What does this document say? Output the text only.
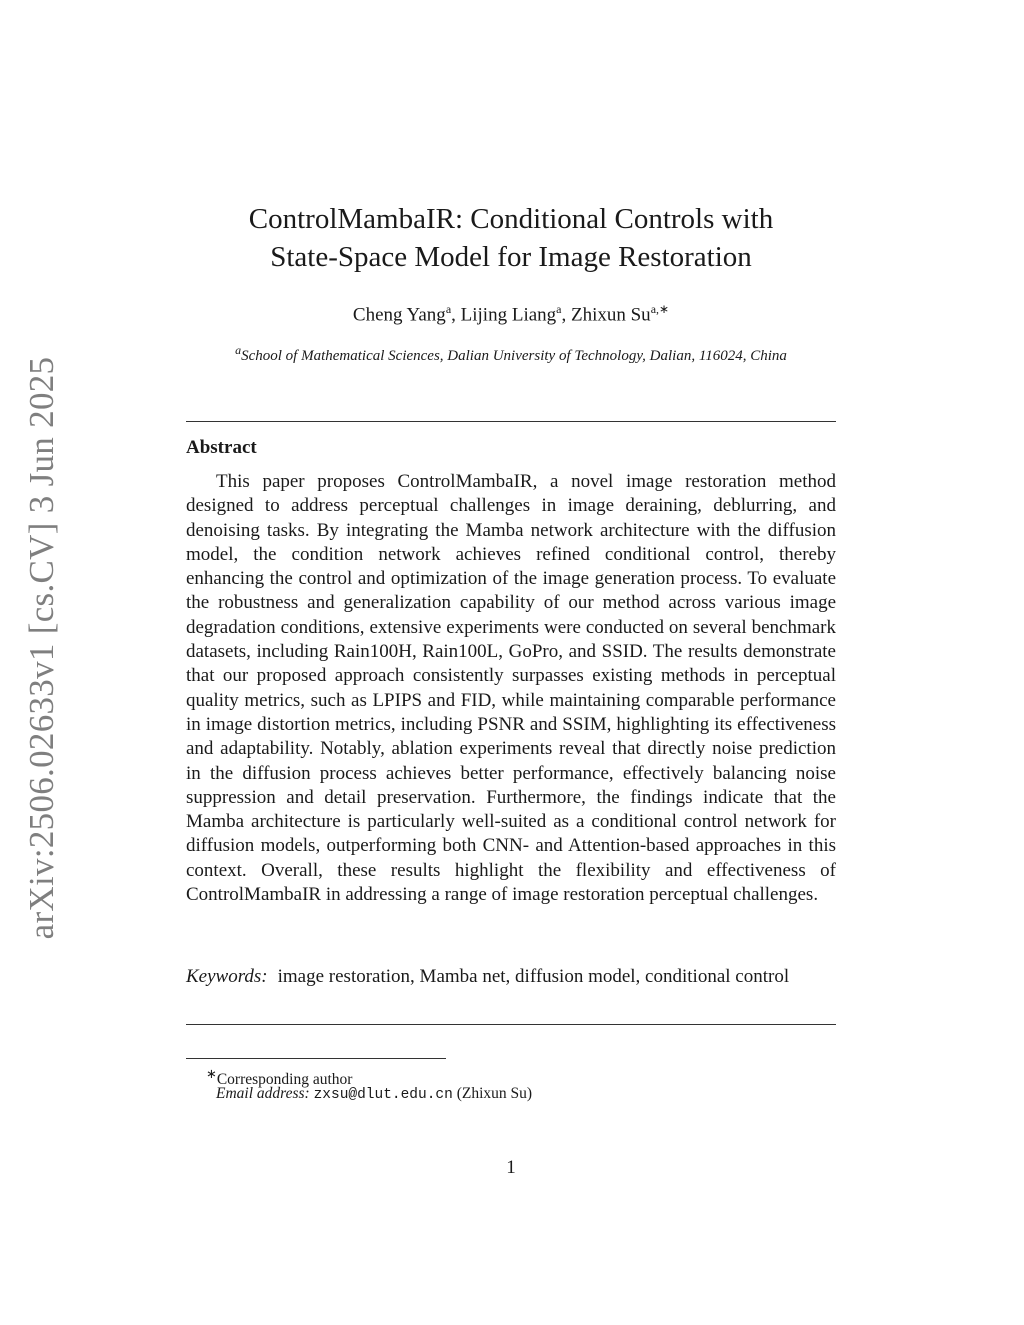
arXiv:2506.02633v1 [cs.CV] 3 Jun 2025
ControlMambaIR: Conditional Controls with
State-Space Model for Image Restoration
Cheng Yang$^a$, Lijing Liang$^a$, Zhixun $Su^{a,∗}$
$^a$School of Mathematical Sciences, Dalian University of Technology, Dalian, 116024, China
Abstract
This paper proposes ControlMambaIR, a novel image restoration method designed to address perceptual challenges in image deraining, deblurring, and denoising tasks. By integrating the Mamba network architecture with the diffusion model, the condition network achieves refined conditional control, thereby enhancing the control and optimization of the image generation process. To evaluate the robustness and generalization capability of our method across various image degradation conditions, extensive experiments were conducted on several benchmark datasets, including Rain100H, Rain100L, GoPro, and SSID. The results demonstrate that our proposed approach consistently surpasses existing methods in perceptual quality metrics, such as LPIPS and FID, while maintaining comparable performance in image distortion metrics, including PSNR and SSIM, highlighting its effectiveness and adaptability. Notably, ablation experiments reveal that directly noise prediction in the diffusion process achieves better performance, effectively balancing noise suppression and detail preservation. Furthermore, the findings indicate that the Mamba architecture is particularly well-suited as a conditional control network for diffusion models, outperforming both CNN- and Attention-based approaches in this context. Overall, these results highlight the flexibility and effectiveness of ControlMambaIR in addressing a range of image restoration perceptual challenges.
Keywords: image restoration, Mamba net, diffusion model, conditional control
∗Corresponding author
Email address: zxsu@dlut.edu.cn (Zhixun Su)
1
